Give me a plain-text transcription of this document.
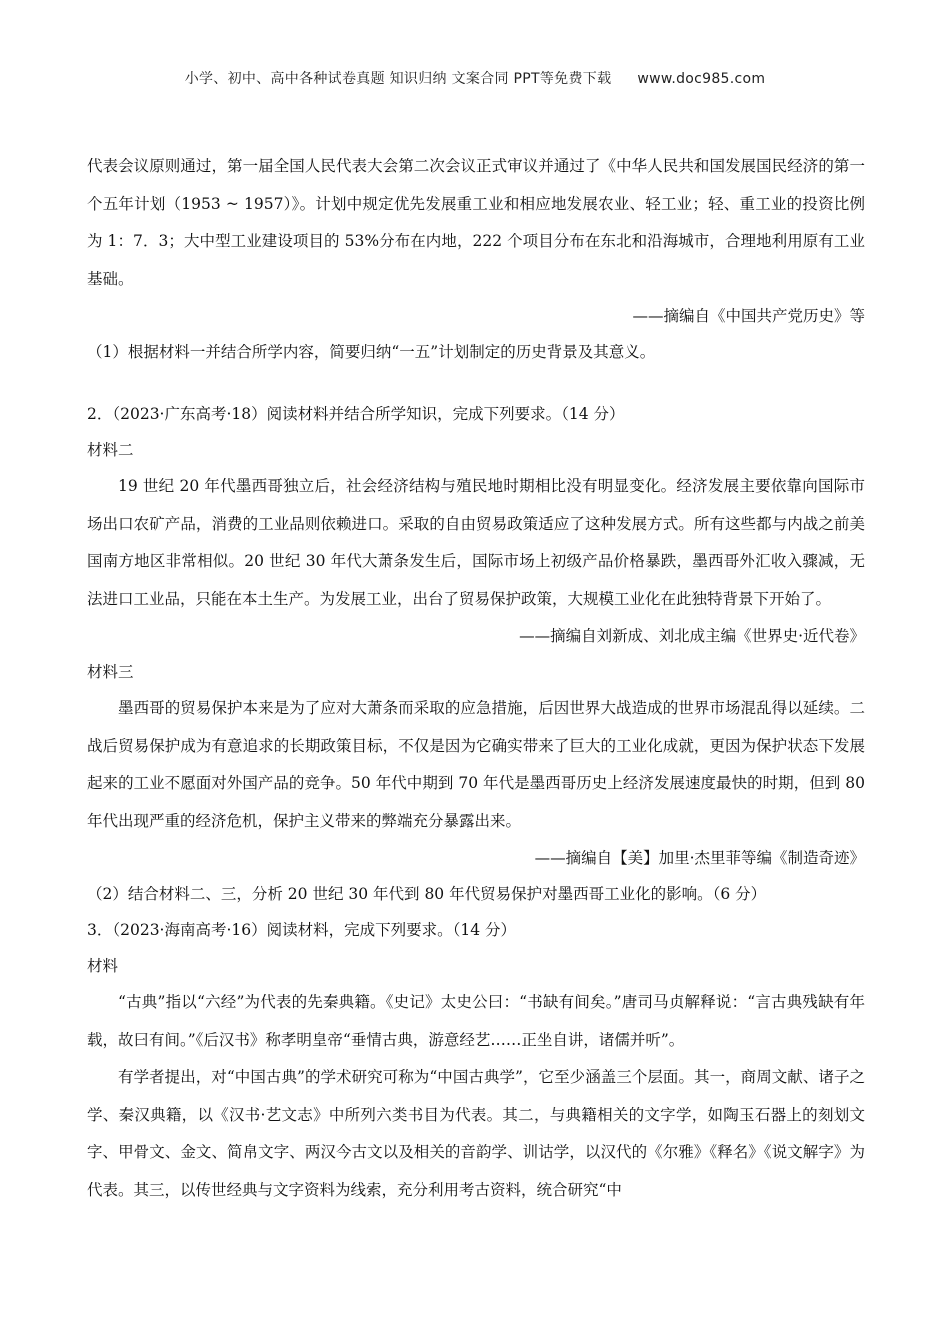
小学、初中、高中各种试卷真题 知识归纳 文案合同 PPT等免费下载 www.doc985.com

代表会议原则通过，第一届全国人民代表大会第二次会议正式审议并通过了《中华人民共和国发展国民经济的第一个五年计划（1953 ~ 1957）》。计划中规定优先发展重工业和相应地发展农业、轻工业；轻、重工业的投资比例为 1：7．3；大中型工业建设项目的 53%分布在内地，222 个项目分布在东北和沿海城市，合理地利用原有工业基础。

——摘编自《中国共产党历史》等

（1）根据材料一并结合所学内容，简要归纳“一五”计划制定的历史背景及其意义。

2．（2023·广东高考·18）阅读材料并结合所学知识，完成下列要求。（14 分）

材料二

19 世纪 20 年代墨西哥独立后，社会经济结构与殖民地时期相比没有明显变化。经济发展主要依靠向国际市场出口农矿产品，消费的工业品则依赖进口。采取的自由贸易政策适应了这种发展方式。所有这些都与内战之前美国南方地区非常相似。20 世纪 30 年代大萧条发生后，国际市场上初级产品价格暴跌，墨西哥外汇收入骤减，无法进口工业品，只能在本土生产。为发展工业，出台了贸易保护政策，大规模工业化在此独特背景下开始了。

——摘编自刘新成、刘北成主编《世界史·近代卷》

材料三

墨西哥的贸易保护本来是为了应对大萧条而采取的应急措施，后因世界大战造成的世界市场混乱得以延续。二战后贸易保护成为有意追求的长期政策目标，不仅是因为它确实带来了巨大的工业化成就，更因为保护状态下发展起来的工业不愿面对外国产品的竞争。50 年代中期到 70 年代是墨西哥历史上经济发展速度最快的时期，但到 80 年代出现严重的经济危机，保护主义带来的弊端充分暴露出来。

——摘编自【美】加里·杰里菲等编《制造奇迹》

（2）结合材料二、三，分析 20 世纪 30 年代到 80 年代贸易保护对墨西哥工业化的影响。（6 分）

3．（2023·海南高考·16）阅读材料，完成下列要求。（14 分）

材料

“古典”指以“六经”为代表的先秦典籍。《史记》太史公曰：“书缺有间矣。”唐司马贞解释说：“言古典残缺有年载，故曰有间。”《后汉书》称孝明皇帝“垂情古典，游意经艺……正坐自讲，诸儒并听”。

有学者提出，对“中国古典”的学术研究可称为“中国古典学”，它至少涵盖三个层面。其一，商周文献、诸子之学、秦汉典籍，以《汉书·艺文志》中所列六类书目为代表。其二，与典籍相关的文字学，如陶玉石器上的刻划文字、甲骨文、金文、简帛文字、两汉今古文以及相关的音韵学、训诂学，以汉代的《尔雅》《释名》《说文解字》为代表。其三，以传世经典与文字资料为线索，充分利用考古资料，统合研究“中
